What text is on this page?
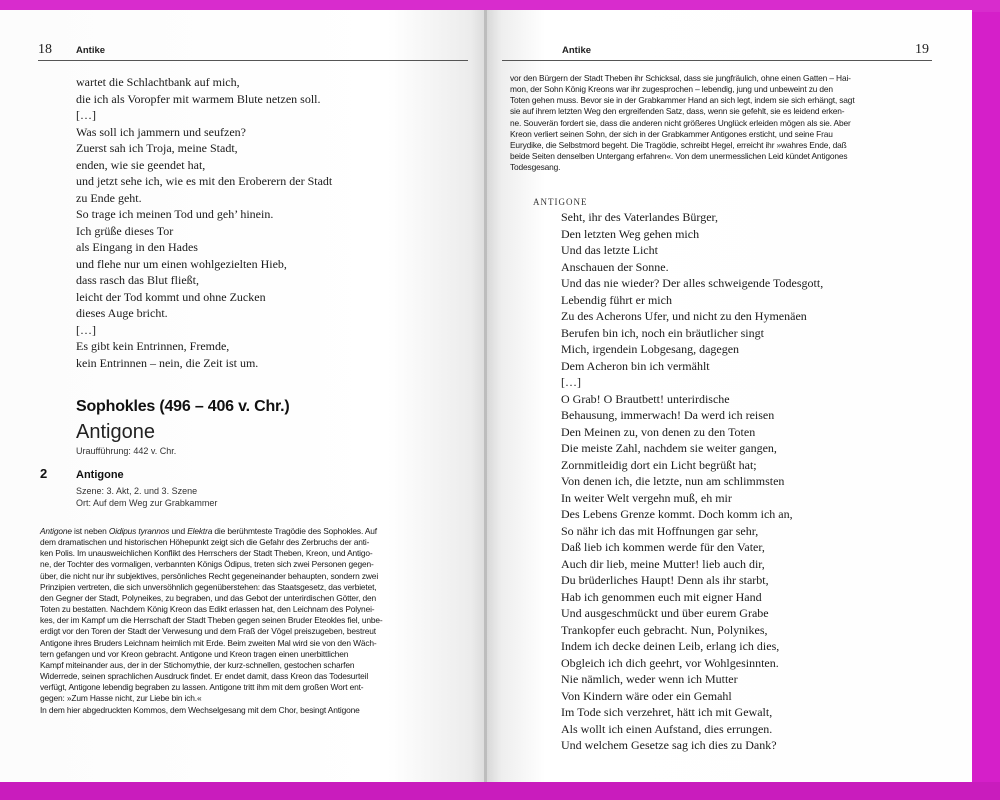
18	Antike
wartet die Schlachtbank auf mich,
die ich als Voropfer mit warmem Blute netzen soll.
[…]
Was soll ich jammern und seufzen?
Zuerst sah ich Troja, meine Stadt,
enden, wie sie geendet hat,
und jetzt sehe ich, wie es mit den Eroberern der Stadt
zu Ende geht.
So trage ich meinen Tod und geh’ hinein.
Ich grüße dieses Tor
als Eingang in den Hades
und flehe nur um einen wohlgezielten Hieb,
dass rasch das Blut fließt,
leicht der Tod kommt und ohne Zucken
dieses Auge bricht.
[…]
Es gibt kein Entrinnen, Fremde,
kein Entrinnen – nein, die Zeit ist um.
Sophokles (496 – 406 v. Chr.)
Antigone
Uraufführung: 442 v. Chr.
2	Antigone
Szene: 3. Akt, 2. und 3. Szene
Ort: Auf dem Weg zur Grabkammer
Antigone ist neben Oidipus tyrannos und Elektra die berühmteste Tragödie des Sophokles. Auf
dem dramatischen und historischen Höhepunkt zeigt sich die Gefahr des Zerbruchs der anti-
ken Polis. Im unausweichlichen Konflikt des Herrschers der Stadt Theben, Kreon, und Antigo-
ne, der Tochter des vormaligen, verbannten Königs Ödipus, treten sich zwei Personen gegen-
über, die nicht nur ihr subjektives, persönliches Recht gegeneinander behaupten, sondern zwei
Prinzipien vertreten, die sich unversöhnlich gegenüberstehen: das Staatsgesetz, das verbietet,
den Gegner der Stadt, Polyneikes, zu begraben, und das Gebot der unterirdischen Götter, den
Toten zu bestatten. Nachdem König Kreon das Edikt erlassen hat, den Leichnam des Polynei-
kes, der im Kampf um die Herrschaft der Stadt Theben gegen seinen Bruder Eteokles fiel, unbe-
erdigt vor den Toren der Stadt der Verwesung und dem Fraß der Vögel preiszugeben, bestreut
Antigone ihres Bruders Leichnam heimlich mit Erde. Beim zweiten Mal wird sie von den Wäch-
tern gefangen und vor Kreon gebracht. Antigone und Kreon tragen einen unerbittlichen
Kampf miteinander aus, der in der Stichomythie, der kurz-schnellen, gestochen scharfen
Widerrede, seinen sprachlichen Ausdruck findet. Er endet damit, dass Kreon das Todesurteil
verfügt, Antigone lebendig begraben zu lassen. Antigone tritt ihm mit dem großen Wort ent-
gegen: »Zum Hasse nicht, zur Liebe bin ich.«
In dem hier abgedruckten Kommos, dem Wechselgesang mit dem Chor, besingt Antigone
Antike	19
vor den Bürgern der Stadt Theben ihr Schicksal, dass sie jungfräulich, ohne einen Gatten – Hai-
mon, der Sohn König Kreons war ihr zugesprochen – lebendig, jung und unbeweint zu den
Toten gehen muss. Bevor sie in der Grabkammer Hand an sich legt, indem sie sich erhängt, sagt
sie auf ihrem letzten Weg den ergreifenden Satz, dass, wenn sie gefehlt, sie es leidend erken-
ne. Souverän fordert sie, dass die anderen nicht größeres Unglück erleiden mögen als sie. Aber
Kreon verliert seinen Sohn, der sich in der Grabkammer Antigones ersticht, und seine Frau
Eurydike, die Selbstmord begeht. Die Tragödie, schreibt Hegel, erreicht ihr »wahres Ende, daß
beide Seiten denselben Untergang erfahren«. Von dem unermesslichen Leid kündet Antigones
Todesgesang.
ANTIGONE
Seht, ihr des Vaterlandes Bürger,
Den letzten Weg gehen mich
Und das letzte Licht
Anschauen der Sonne.
Und das nie wieder? Der alles schweigende Todesgott,
Lebendig führt er mich
Zu des Acherons Ufer, und nicht zu den Hymenäen
Berufen bin ich, noch ein bräutlicher singt
Mich, irgendein Lobgesang, dagegen
Dem Acheron bin ich vermählt
[…]
O Grab! O Brautbett! unterirdische
Behausung, immerwach! Da werd ich reisen
Den Meinen zu, von denen zu den Toten
Die meiste Zahl, nachdem sie weiter gangen,
Zornmitleidig dort ein Licht begrüßt hat;
Von denen ich, die letzte, nun am schlimmsten
In weiter Welt vergehn muß, eh mir
Des Lebens Grenze kommt. Doch komm ich an,
So nähr ich das mit Hoffnungen gar sehr,
Daß lieb ich kommen werde für den Vater,
Auch dir lieb, meine Mutter! lieb auch dir,
Du brüderliches Haupt! Denn als ihr starbt,
Hab ich genommen euch mit eigner Hand
Und ausgeschmückt und über eurem Grabe
Trankopfer euch gebracht. Nun, Polynikes,
Indem ich decke deinen Leib, erlang ich dies,
Obgleich ich dich geehrt, vor Wohlgesinnten.
Nie nämlich, weder wenn ich Mutter
Von Kindern wäre oder ein Gemahl
Im Tode sich verzehret, hätt ich mit Gewalt,
Als wollt ich einen Aufstand, dies errungen.
Und welchem Gesetze sag ich dies zu Dank?
